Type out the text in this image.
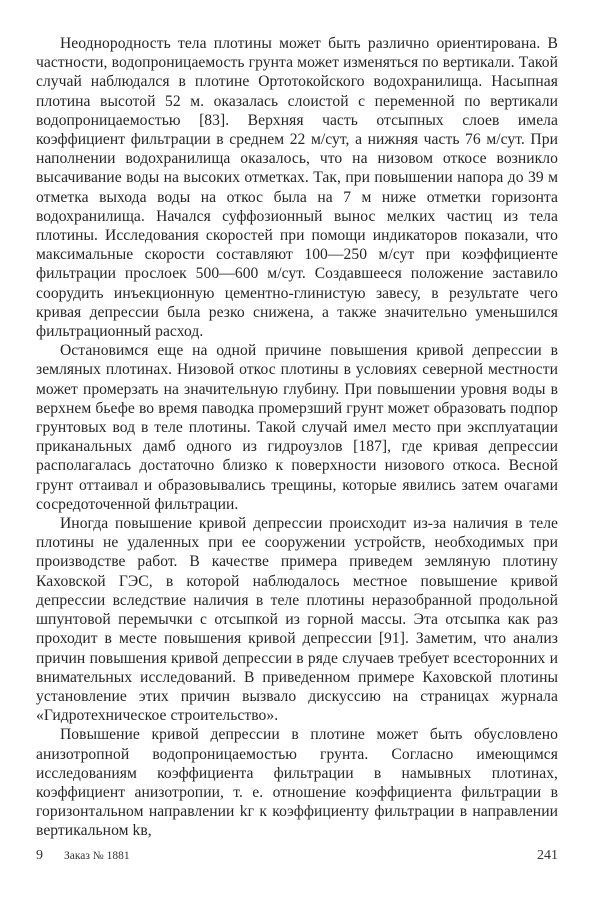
Неоднородность тела плотины может быть различно ориентирована. В частности, водопроницаемость грунта может изменяться по вертикали. Такой случай наблюдался в плотине Ортотокойского водохранилища. Насыпная плотина высотой 52 м. оказалась слоистой с переменной по вертикали водопроницаемостью [83]. Верхняя часть отсыпных слоев имела коэффициент фильтрации в среднем 22 м/сут, а нижняя часть 76 м/сут. При наполнении водохранилища оказалось, что на низовом откосе возникло высачивание воды на высоких отметках. Так, при повышении напора до 39 м отметка выхода воды на откос была на 7 м ниже отметки горизонта водохранилища. Начался суффозионный вынос мелких частиц из тела плотины. Исследования скоростей при помощи индикаторов показали, что максимальные скорости составляют 100—250 м/сут при коэффициенте фильтрации прослоек 500—600 м/сут. Создавшееся положение заставило соорудить инъекционную цементно-глинистую завесу, в результате чего кривая депрессии была резко снижена, а также значительно уменьшился фильтрационный расход.

Остановимся еще на одной причине повышения кривой депрессии в земляных плотинах. Низовой откос плотины в условиях северной местности может промерзать на значительную глубину. При повышении уровня воды в верхнем бьефе во время паводка промерзший грунт может образовать подпор грунтовых вод в теле плотины. Такой случай имел место при эксплуатации приканальных дамб одного из гидроузлов [187], где кривая депрессии располагалась достаточно близко к поверхности низового откоса. Весной грунт оттаивал и образовывались трещины, которые явились затем очагами сосредоточенной фильтрации.

Иногда повышение кривой депрессии происходит из-за наличия в теле плотины не удаленных при ее сооружении устройств, необходимых при производстве работ. В качестве примера приведем земляную плотину Каховской ГЭС, в которой наблюдалось местное повышение кривой депрессии вследствие наличия в теле плотины неразобранной продольной шпунтовой перемычки с отсыпкой из горной массы. Эта отсыпка как раз проходит в месте повышения кривой депрессии [91]. Заметим, что анализ причин повышения кривой депрессии в ряде случаев требует всесторонних и внимательных исследований. В приведенном примере Каховской плотины установление этих причин вызвало дискуссию на страницах журнала «Гидротехническое строительство».

Повышение кривой депрессии в плотине может быть обусловлено анизотропной водопроницаемостью грунта. Согласно имеющимся исследованиям коэффициента фильтрации в намывных плотинах, коэффициент анизотропии, т. е. отношение коэффициента фильтрации в горизонтальном направлении kг к коэффициенту фильтрации в направлении вертикальном kв,

9 Заказ № 1881	241
